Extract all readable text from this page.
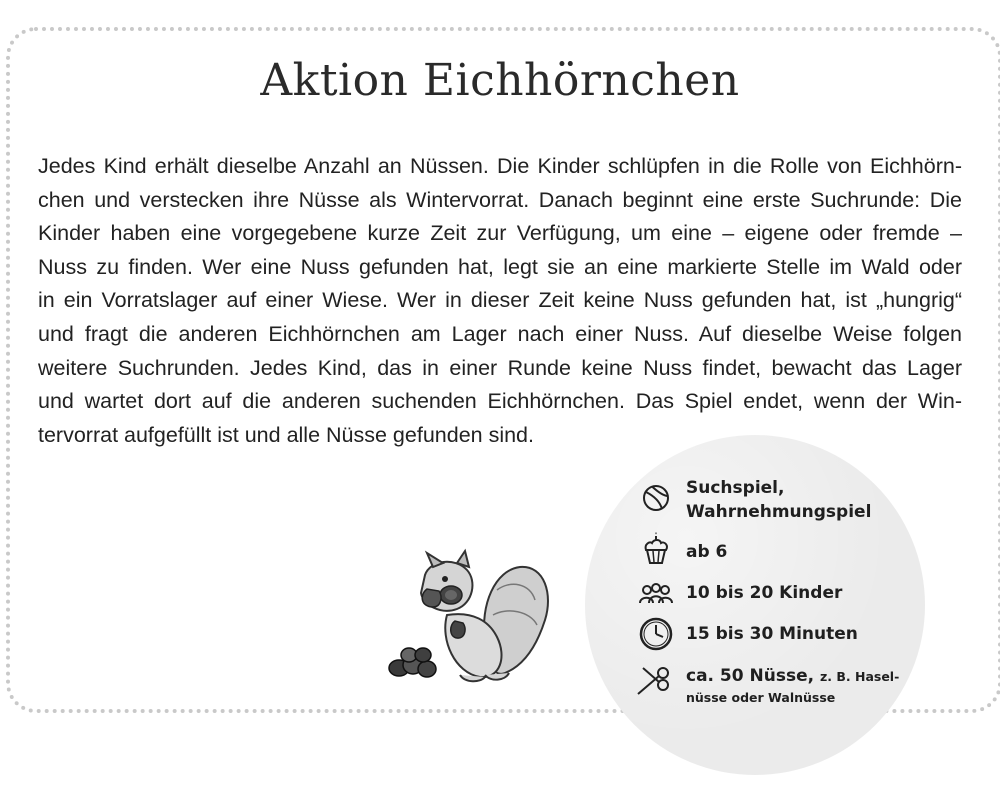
Aktion Eichhörnchen
Jedes Kind erhält dieselbe Anzahl an Nüssen. Die Kinder schlüpfen in die Rolle von Eichhörn-
chen und verstecken ihre Nüsse als Wintervorrat. Danach beginnt eine erste Suchrunde: Die
Kinder haben eine vorgegebene kurze Zeit zur Verfügung, um eine – eigene oder fremde –
Nuss zu finden. Wer eine Nuss gefunden hat, legt sie an eine markierte Stelle im Wald oder
in ein Vorratslager auf einer Wiese. Wer in dieser Zeit keine Nuss gefunden hat, ist „hungrig“
und fragt die anderen Eichhörnchen am Lager nach einer Nuss. Auf dieselbe Weise folgen
weitere Suchrunden. Jedes Kind, das in einer Runde keine Nuss findet, bewacht das Lager
und wartet dort auf die anderen suchenden Eichhörnchen. Das Spiel endet, wenn der Win-
tervorrat aufgefüllt ist und alle Nüsse gefunden sind.
Suchspiel,
Wahrnehmungspiel
ab 6
10 bis 20 Kinder
15 bis 30 Minuten
ca. 50 Nüsse, z. B. Hasel-
nüsse oder Walnüsse
